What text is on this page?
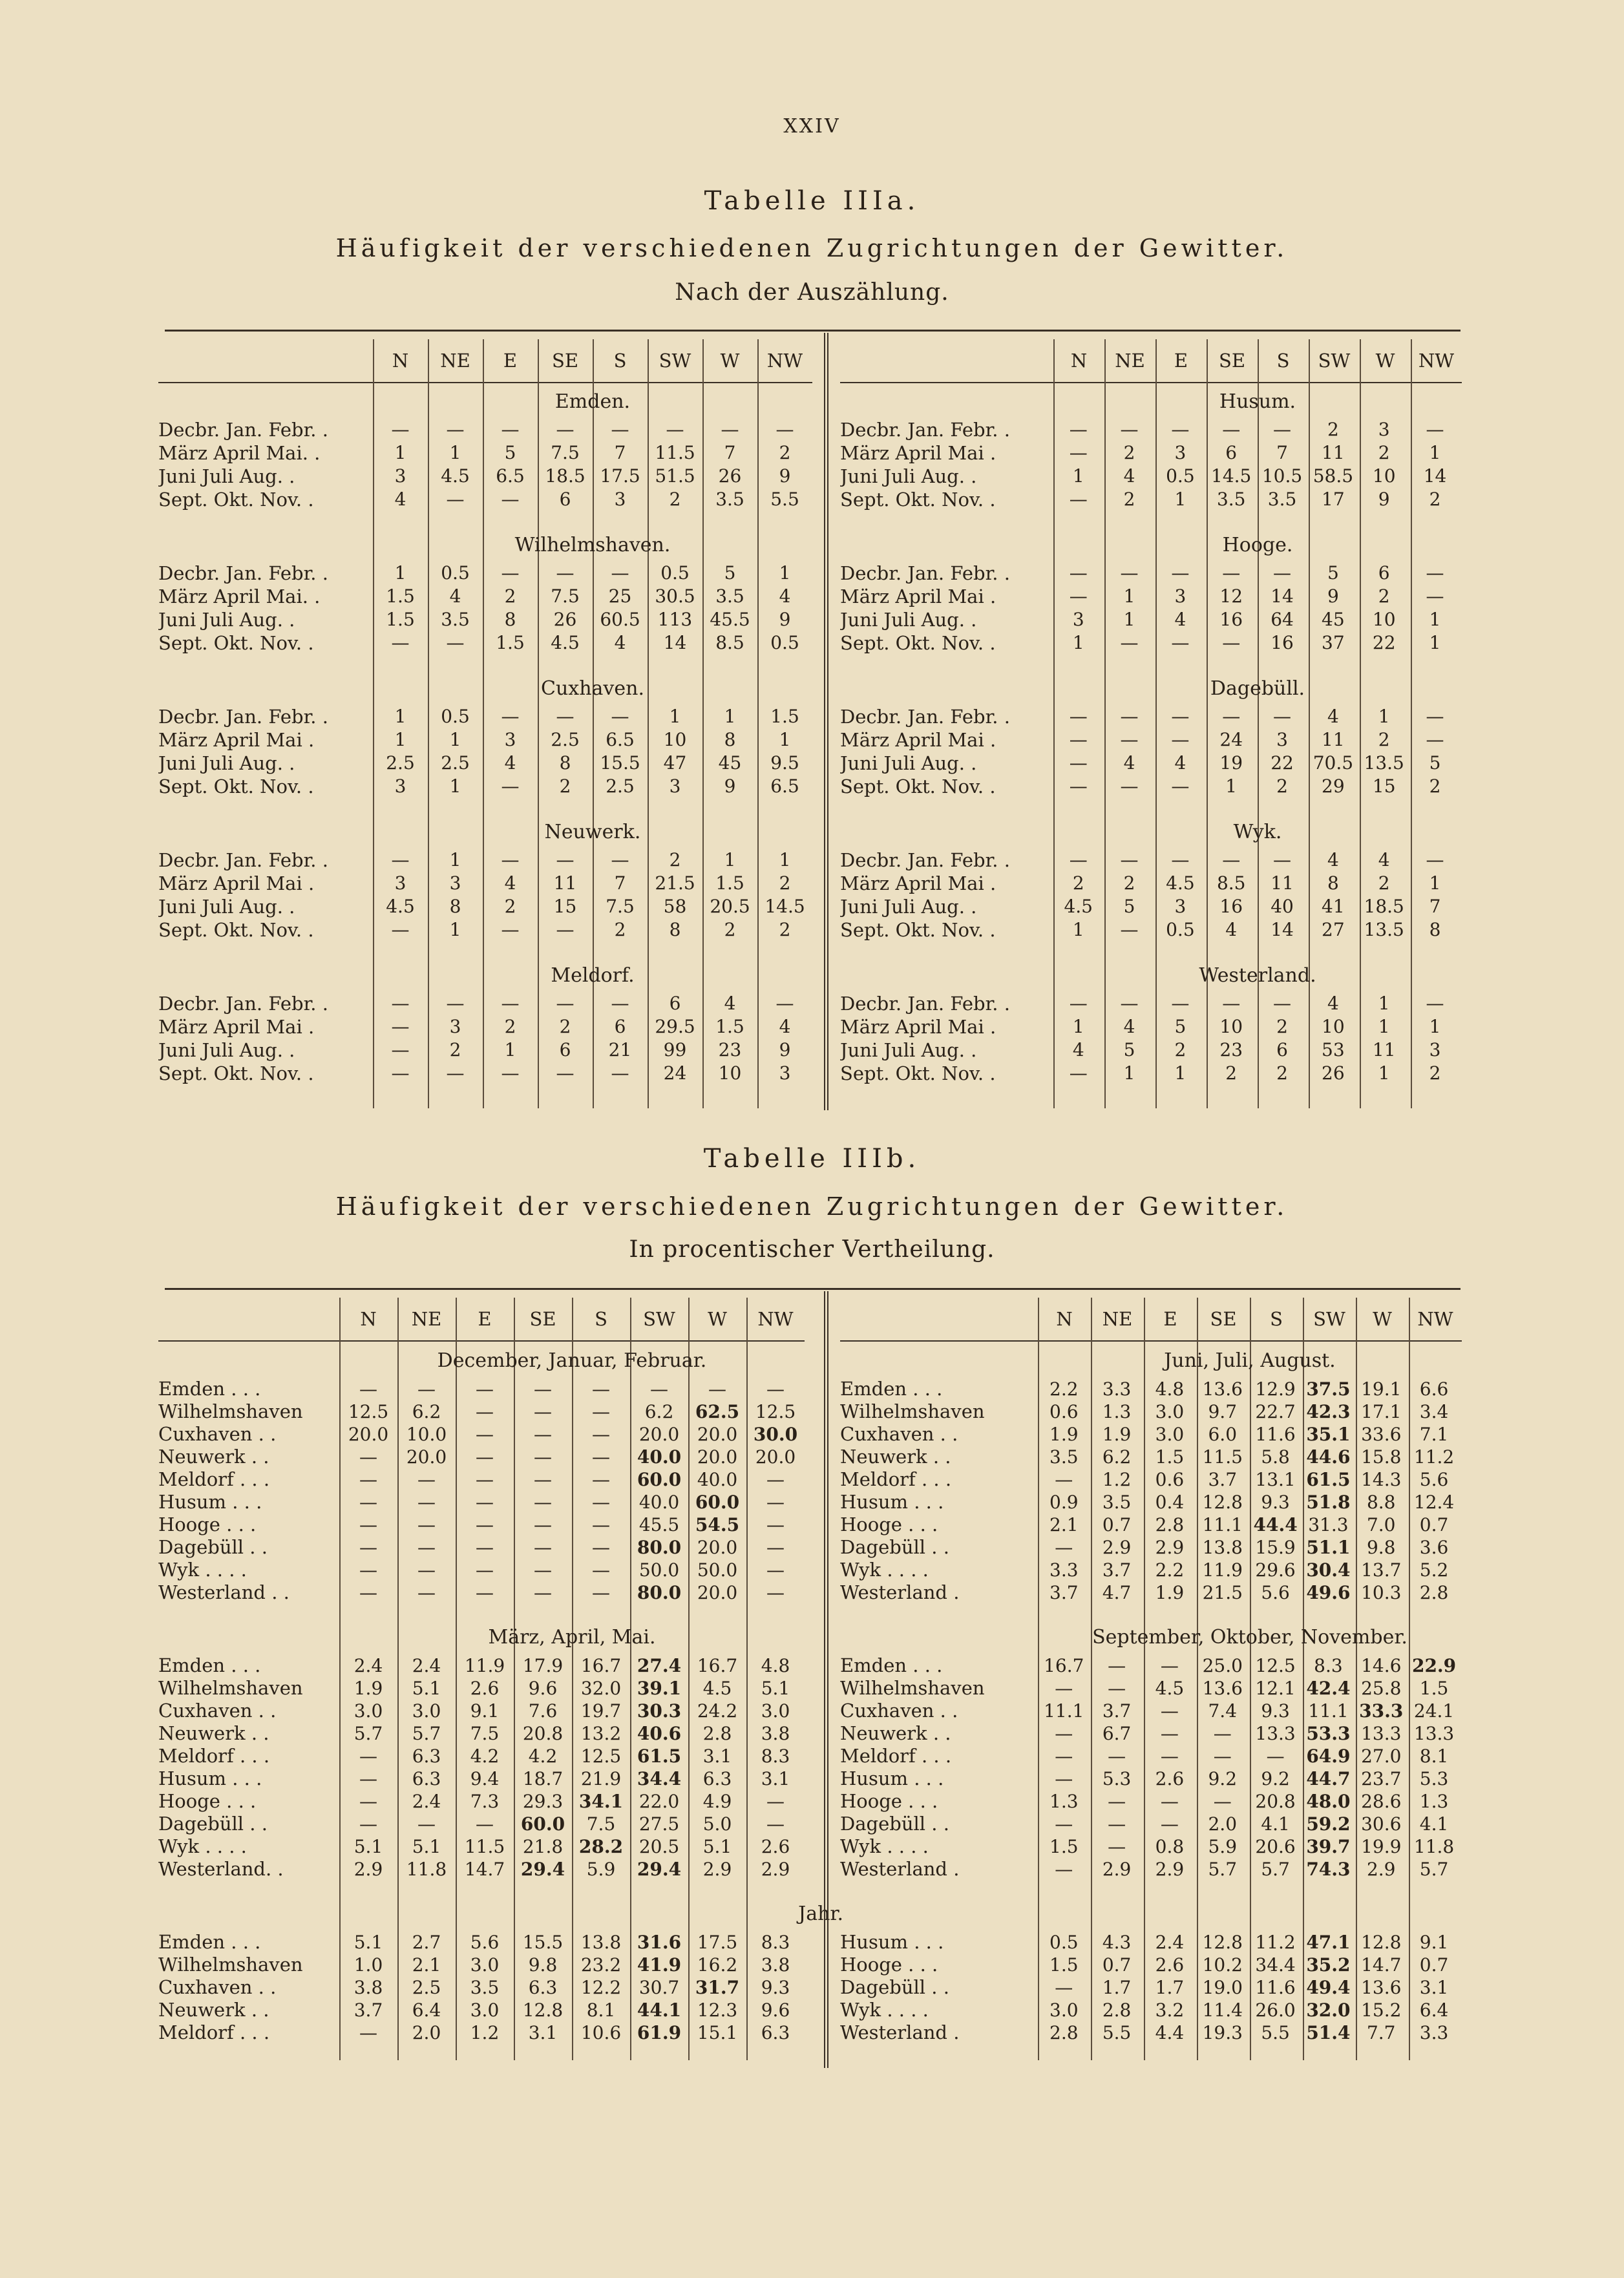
XXIV
Tabelle IIIa.
Häufigkeit der verschiedenen Zugrichtungen der Gewitter.
Nach der Auszählung.
N	NE	E	SE	S	SW	W	NW
Emden.
Decbr. Jan. Febr. .	—	—	—	—	—	—	—	—
März April Mai. .	1	1	5	7.5	7	11.5	7	2
Juni Juli Aug. .	3	4.5	6.5	18.5 17.5 51.5	26	9
Sept. Okt. Nov. .	4	—	—	6	3	2	3.5	5.5
Wilhelmshaven.
Decbr. Jan. Febr. .	1	0.5	—	—	—	0.5	5	1
März April Mai. .	1.5	4	2	7.5	25	30.5	3.5	4
Juni Juli Aug. .	1.5	3.5	8	26	60.5 113 45.5	9
Sept. Okt. Nov. .	—	—	1.5	4.5	4	14	8.5	0.5
Cuxhaven.
Decbr. Jan. Febr. .	1	0.5	—	—	—	1	1	1.5
März April Mai .	1	1	3	2.5	6.5	10	8	1
Juni Juli Aug. .	2.5	2.5	4	8	15.5	47	45	9.5
Sept. Okt. Nov. .	3	1	—	2	2.5	3	9	6.5
Neuwerk.
Decbr. Jan. Febr. .	—	1	—	—	—	2	1	1
März April Mai .	3	3	4	11	7	21.5	1.5	2
Juni Juli Aug. .	4.5	8	2	15	7.5	58	20.5 14.5
Sept. Okt. Nov. .	—	1	—	—	2	8	2	2
Meldorf.
Decbr. Jan. Febr. .	—	—	—	—	—	6	4	—
März April Mai .	—	3	2	2	6	29.5	1.5	4
Juni Juli Aug. .	—	2	1	6	21	99	23	9
Sept. Okt. Nov. .	—	—	—	—	—	24	10	3
N	NE	E	SE	S	SW	W	NW
Husum.
Decbr. Jan. Febr. .	—	—	—	—	—	2	3	—
März April Mai .	—	2	3	6	7	11	2	1
Juni Juli Aug. .	1	4	0.5 14.5 10.5 58.5	10	14
Sept. Okt. Nov. .	—	2	1	3.5	3.5	17	9	2
Hooge.
Decbr. Jan. Febr. .	—	—	—	—	—	5	6	—
März April Mai .	—	1	3	12	14	9	2	—
Juni Juli Aug. .	3	1	4	16	64	45	10	1
Sept. Okt. Nov. .	1	—	—	—	16	37	22	1
Dagebüll.
Decbr. Jan. Febr. .	—	—	—	—	—	4	1	—
März April Mai .	—	—	—	24	3	11	2	—
Juni Juli Aug. .	—	4	4	19	22	70.5 13.5	5
Sept. Okt. Nov. .	—	—	—	1	2	29	15	2
Wyk.
Decbr. Jan. Febr. .	—	—	—	—	—	4	4	—
März April Mai .	2	2	4.5	8.5	11	8	2	1
Juni Juli Aug. .	4.5	5	3	16	40	41	18.5	7
Sept. Okt. Nov. .	1	—	0.5	4	14	27	13.5	8
Westerland.
Decbr. Jan. Febr. .	—	—	—	—	—	4	1	—
März April Mai .	1	4	5	10	2	10	1	1
Juni Juli Aug. .	4	5	2	23	6	53	11	3
Sept. Okt. Nov. .	—	1	1	2	2	26	1	2
Tabelle IIIb.
Häufigkeit der verschiedenen Zugrichtungen der Gewitter.
In procentischer Vertheilung.
N	NE	E	SE	S	SW	W	NW
December, Januar, Februar.
Emden . . .	—	—	—	—	—	—	—	—
Wilhelmshaven	12.5	6.2	—	—	—	6.2	62.5 12.5
Cuxhaven . .	20.0 10.0	—	—	—	20.0 20.0 30.0
Neuwerk . .	—	20.0	—	—	—	40.0 20.0 20.0
Meldorf . . .	—	—	—	—	—	60.0 40.0	—
Husum . . .	—	—	—	—	—	40.0 60.0	—
Hooge . . .	—	—	—	—	—	45.5 54.5	—
Dagebüll . .	—	—	—	—	—	80.0 20.0	—
Wyk . . . .	—	—	—	—	—	50.0 50.0	—
Westerland . .	—	—	—	—	—	80.0 20.0	—
März, April, Mai.
Emden . . .	2.4	2.4	11.9 17.9 16.7 27.4 16.7	4.8
Wilhelmshaven	1.9	5.1	2.6	9.6	32.0 39.1	4.5	5.1
Cuxhaven . .	3.0	3.0	9.1	7.6	19.7 30.3 24.2	3.0
Neuwerk . .	5.7	5.7	7.5	20.8 13.2 40.6	2.8	3.8
Meldorf . . .	—	6.3	4.2	4.2	12.5 61.5	3.1	8.3
Husum . . .	—	6.3	9.4	18.7 21.9 34.4	6.3	3.1
Hooge . . .	—	2.4	7.3	29.3 34.1 22.0	4.9	—
Dagebüll . .	—	—	—	60.0	7.5	27.5	5.0	—
Wyk . . . .	5.1	5.1	11.5 21.8 28.2 20.5	5.1	2.6
Westerland. .	2.9	11.8 14.7 29.4	5.9	29.4	2.9	2.9
Jahr.
Emden . . .	5.1	2.7	5.6	15.5 13.8 31.6 17.5	8.3
Wilhelmshaven	1.0	2.1	3.0	9.8	23.2 41.9 16.2	3.8
Cuxhaven . .	3.8	2.5	3.5	6.3	12.2 30.7 31.7	9.3
Neuwerk . .	3.7	6.4	3.0	12.8	8.1	44.1 12.3	9.6
Meldorf . . .	—	2.0	1.2	3.1	10.6 61.9 15.1	6.3
N	NE	E	SE	S	SW	W	NW
Juni, Juli, August.
Emden . . .	2.2	3.3	4.8	13.6 12.9 37.5 19.1	6.6
Wilhelmshaven	0.6	1.3	3.0	9.7	22.7 42.3 17.1	3.4
Cuxhaven . .	1.9	1.9	3.0	6.0	11.6 35.1 33.6	7.1
Neuwerk . .	3.5	6.2	1.5	11.5	5.8 44.6 15.8 11.2
Meldorf . . .	—	1.2	0.6	3.7	13.1 61.5 14.3	5.6
Husum . . .	0.9	3.5	0.4	12.8	9.3 51.8 8.8	12.4
Hooge . . .	2.1	0.7	2.8	11.1 44.4 31.3	7.0	0.7
Dagebüll . .	—	2.9	2.9	13.8 15.9 51.1 9.8	3.6
Wyk . . . .	3.3	3.7	2.2	11.9 29.6 30.4 13.7	5.2
Westerland .	3.7	4.7	1.9	21.5	5.6 49.6 10.3	2.8
September, Oktober, November.
Emden . . .	16.7	—	—	25.0 12.5	8.3	14.6 22.9
Wilhelmshaven	—	—	4.5	13.6 12.1 42.4 25.8	1.5
Cuxhaven . .	11.1	3.7	—	7.4	9.3	11.1 33.3 24.1
Neuwerk . .	—	6.7	—	—	13.3 53.3 13.3 13.3
Meldorf . . .	—	—	—	—	—	64.9 27.0	8.1
Husum . . .	—	5.3	2.6	9.2	9.2 44.7 23.7	5.3
Hooge . . .	1.3	—	—	—	20.8 48.0 28.6	1.3
Dagebüll . .	—	—	—	2.0	4.1 59.2 30.6	4.1
Wyk . . . .	1.5	—	0.8	5.9	20.6 39.7 19.9 11.8
Westerland .	—	2.9	2.9	5.7	5.7 74.3 2.9	5.7
Husum . . .	0.5	4.3	2.4	12.8 11.2 47.1 12.8	9.1
Hooge . . .	1.5	0.7	2.6	10.2 34.4 35.2 14.7	0.7
Dagebüll . .	—	1.7	1.7	19.0 11.6 49.4 13.6	3.1
Wyk . . . .	3.0	2.8	3.2	11.4 26.0 32.0 15.2	6.4
Westerland .	2.8	5.5	4.4	19.3	5.5 51.4 7.7	3.3
